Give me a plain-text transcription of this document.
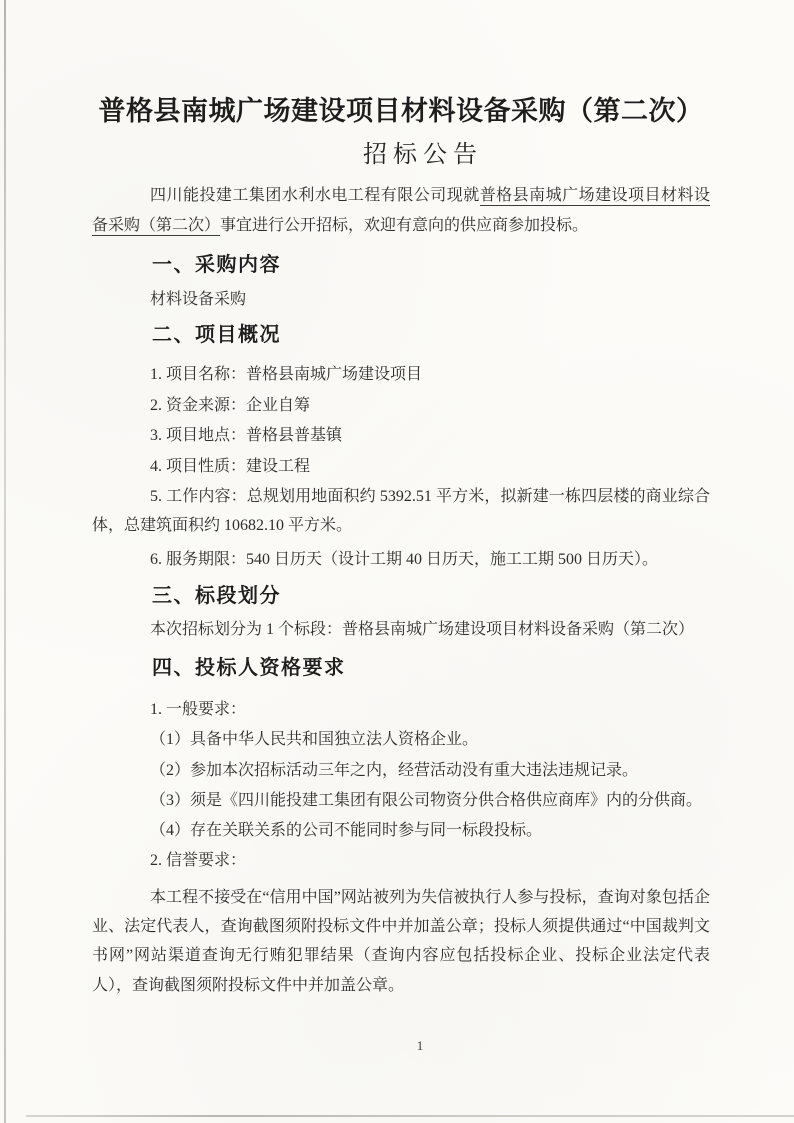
普格县南城广场建设项目材料设备采购（第二次）
招标公告

四川能投建工集团水利水电工程有限公司现就普格县南城广场建设项目材料设备采购（第二次）事宜进行公开招标，欢迎有意向的供应商参加投标。

一、采购内容

材料设备采购

二、项目概况

1. 项目名称：普格县南城广场建设项目

2. 资金来源：企业自筹

3. 项目地点：普格县普基镇

4. 项目性质：建设工程

5. 工作内容：总规划用地面积约 5392.51 平方米，拟新建一栋四层楼的商业综合体，总建筑面积约 10682.10 平方米。

6. 服务期限：540 日历天（设计工期 40 日历天，施工工期 500 日历天）。

三、标段划分

本次招标划分为 1 个标段：普格县南城广场建设项目材料设备采购（第二次）

四、投标人资格要求

1. 一般要求：

（1）具备中华人民共和国独立法人资格企业。

（2）参加本次招标活动三年之内，经营活动没有重大违法违规记录。

（3）须是《四川能投建工集团有限公司物资分供合格供应商库》内的分供商。

（4）存在关联关系的公司不能同时参与同一标段投标。

2. 信誉要求：

本工程不接受在“信用中国”网站被列为失信被执行人参与投标，查询对象包括企业、法定代表人，查询截图须附投标文件中并加盖公章；投标人须提供通过“中国裁判文书网”网站渠道查询无行贿犯罪结果（查询内容应包括投标企业、投标企业法定代表人），查询截图须附投标文件中并加盖公章。

1
